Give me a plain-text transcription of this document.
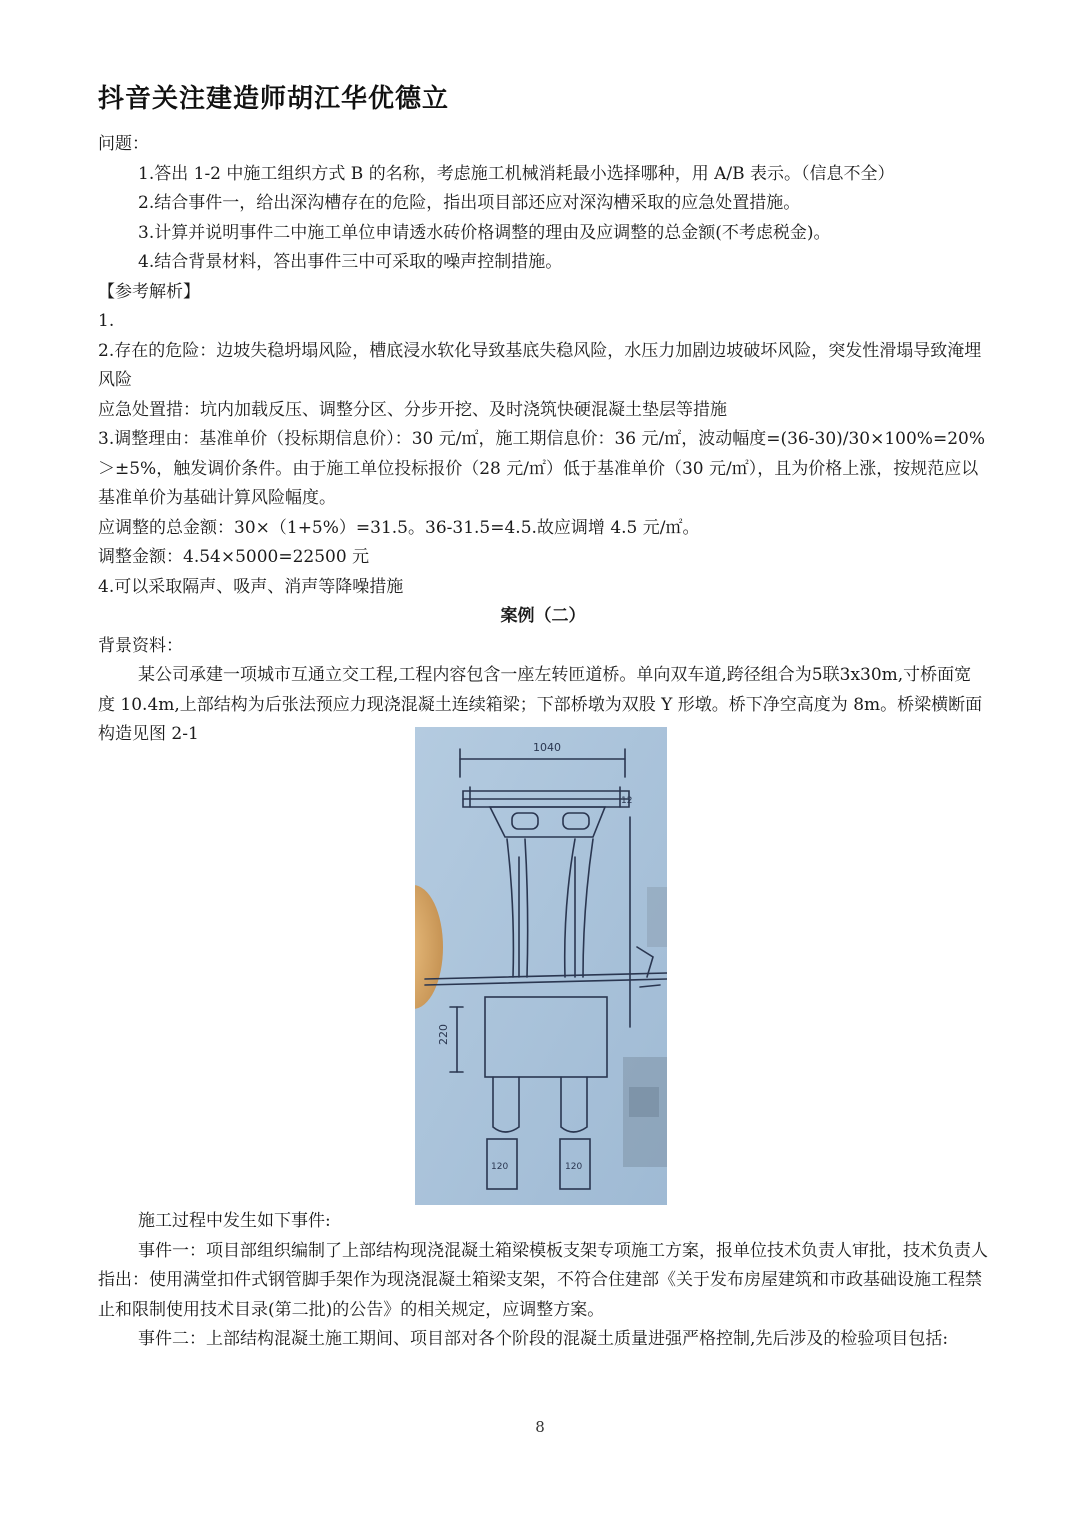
抖音关注建造师胡江华优德立

问题：

1.答出 1-2 中施工组织方式 B 的名称，考虑施工机械消耗最小选择哪种，用 A/B 表示。（信息不全）

2.结合事件一，给出深沟槽存在的危险，指出项目部还应对深沟槽采取的应急处置措施。

3.计算并说明事件二中施工单位申请透水砖价格调整的理由及应调整的总金额(不考虑税金)。

4.结合背景材料，答出事件三中可采取的噪声控制措施。

【参考解析】

1.

2.存在的危险：边坡失稳坍塌风险，槽底浸水软化导致基底失稳风险，水压力加剧边坡破坏风险，突发性滑塌导致淹埋风险

应急处置措：坑内加载反压、调整分区、分步开挖、及时浇筑快硬混凝土垫层等措施

3.调整理由：基准单价（投标期信息价）：30 元/㎡，施工期信息价：36 元/㎡，波动幅度=(36-30)/30×100%=20%＞±5%，触发调价条件。由于施工单位投标报价（28 元/㎡）低于基准单价（30 元/㎡），且为价格上涨，按规范应以基准单价为基础计算风险幅度。

应调整的总金额：30×（1+5%）=31.5。36-31.5=4.5.故应调增 4.5 元/㎡。

调整金额：4.54×5000=22500 元

4.可以采取隔声、吸声、消声等降噪措施

案例（二）

背景资料：

某公司承建一项城市互通立交工程,工程内容包含一座左转匝道桥。单向双车道,跨径组合为5联3x30m,寸桥面宽度 10.4m,上部结构为后张法预应力现浇混凝土连续箱梁；下部桥墩为双股 Y 形墩。桥下净空高度为 8m。桥梁横断面构造见图 2-1

1040
220
12
120	120

施工过程中发生如下事件:

事件一：项目部组织编制了上部结构现浇混凝土箱梁模板支架专项施工方案，报单位技术负责人审批，技术负责人指出：使用满堂扣件式钢管脚手架作为现浇混凝土箱梁支架，不符合住建部《关于发布房屋建筑和市政基础设施工程禁止和限制使用技术目录(第二批)的公告》的相关规定，应调整方案。

事件二：上部结构混凝土施工期间、项目部对各个阶段的混凝土质量进强严格控制,先后涉及的检验项目包括:

8
